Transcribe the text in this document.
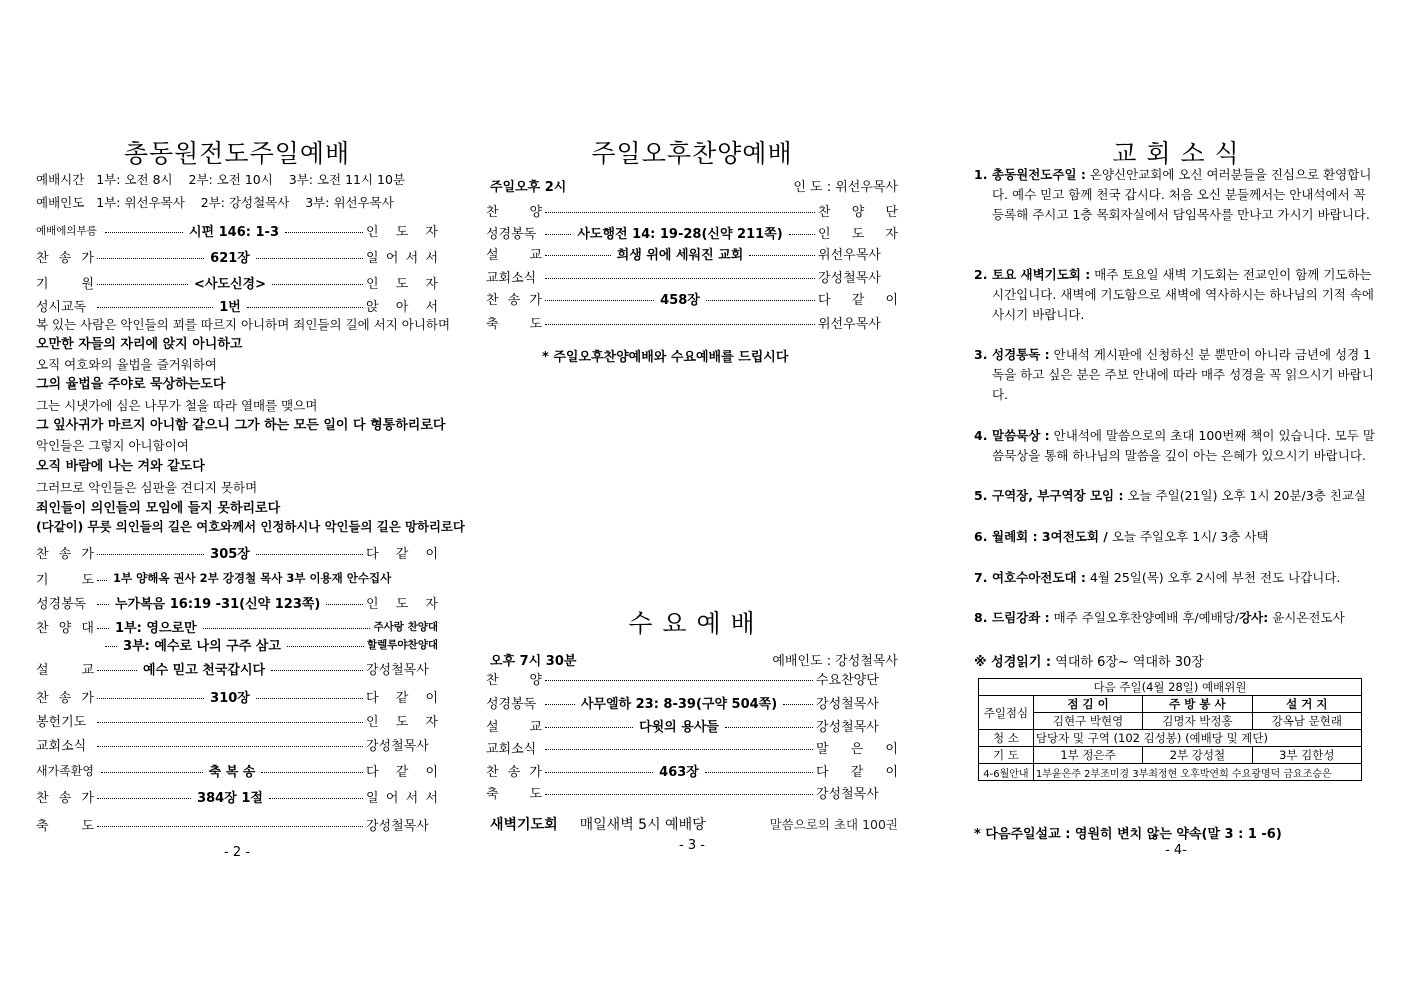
총동원전도주일예배
예배시간 1부: 오전 8시 2부: 오전 10시 3부: 오전 11시 10분
예배인도 1부: 위선우목사 2부: 강성철목사 3부: 위선우목사
예배에의부름	시편 146: 1-3	인 도 자
찬 송 가	621장	일 어 서 서
기 원	<사도신경>	인 도 자
성시교독	1번	앉 아 서
복 있는 사람은 악인들의 꾀를 따르지 아니하며 죄인들의 길에 서지 아니하며
오만한 자들의 자리에 앉지 아니하고
오직 여호와의 율법을 즐거워하여
그의 율법을 주야로 묵상하는도다
그는 시냇가에 심은 나무가 철을 따라 열매를 맺으며
그 잎사귀가 마르지 아니함 같으니 그가 하는 모든 일이 다 형통하리로다
악인들은 그렇지 아니함이여
오직 바람에 나는 겨와 같도다
그러므로 악인들은 심판을 견디지 못하며
죄인들이 의인들의 모임에 들지 못하리로다
(다같이) 무릇 의인들의 길은 여호와께서 인정하시나 악인들의 길은 망하리로다
찬 송 가	305장	다 같 이
기 도 1부 양해옥 권사 2부 강경철 목사 3부 이용재 안수집사
성경봉독	누가복음 16:19 -31(신약 123쪽)	인 도 자
찬 양 대 1부: 영으로만	주사랑 찬양대
3부: 예수로 나의 구주 삼고	할렐루야찬양대
설 교	예수 믿고 천국갑시다	강성철목사
찬 송 가	310장	다 같 이
봉헌기도	인 도 자
교회소식	강성철목사
새가족환영	축 복 송	다 같 이
찬 송 가	384장 1절	일 어 서 서
축 도	강성철목사
- 2 -
주일오후찬양예배
주일오후 2시	인 도 : 위선우목사
찬 양	찬 양 단
성경봉독	사도행전 14: 19-28(신약 211쪽)	인 도 자
설 교	희생 위에 세워진 교회	위선우목사
교회소식	강성철목사
찬 송 가	458장	다 같 이
축 도	위선우목사
* 주일오후찬양예배와 수요예배를 드립시다
수 요 예 배
오후 7시 30분	예배인도 : 강성철목사
찬 양	수요찬양단
성경봉독	사무엘하 23: 8-39(구약 504쪽)	강성철목사
설 교	다윗의 용사들	강성철목사
교회소식	말 은 이
찬 송 가	463장	다 같 이
축 도	강성철목사
새벽기도회	매일새벽 5시 예배당	말씀으로의 초대 100권
- 3 -
교 회 소 식
1. 총동원전도주일 : 온양신안교회에 오신 여러분들을 진심으로 환영합니다. 예수 믿고 함께 천국 갑시다. 처음 오신 분들께서는 안내석에서 꼭 등록해 주시고 1층 목회자실에서 담임목사를 만나고 가시기 바랍니다.
2. 토요 새벽기도회 : 매주 토요일 새벽 기도회는 전교인이 함께 기도하는 시간입니다. 새벽에 기도함으로 새벽에 역사하시는 하나님의 기적 속에 사시기 바랍니다.
3. 성경통독 : 안내석 게시판에 신청하신 분 뿐만이 아니라 금년에 성경 1독을 하고 싶은 분은 주보 안내에 따라 매주 성경을 꼭 읽으시기 바랍니다.
4. 말씀묵상 : 안내석에 말씀으로의 초대 100번째 책이 있습니다. 모두 말씀묵상을 통해 하나님의 말씀을 깊이 아는 은혜가 있으시기 바랍니다.
5. 구역장, 부구역장 모임 : 오늘 주일(21일) 오후 1시 20분/3층 친교실
6. 월례회 : 3여전도회 / 오늘 주일오후 1시/ 3층 사택
7. 여호수아전도대 : 4월 25일(목) 오후 2시에 부천 전도 나갑니다.
8. 드림강좌 : 매주 주일오후찬양예배 후/예배당/강사: 윤시온전도사
※ 성경읽기 : 역대하 6장~ 역대하 30장
다음 주일(4월 28일) 예배위원			
주일점심	점 김 이	주 방 봉 사	설 거 지
	김현구 박현영	김명자 박정홍	강옥남 문현래
청 소	담당자 및 구역 (102 김성봉) (예배당 및 계단)		
기 도	1부 정은주	2부 강성철	3부 김한성
4-6월안내	1부윤은주 2부조미경 3부최정현 오후박연희 수요광명덕 금요조승은		
* 다음주일설교 : 영원히 변치 않는 약속(말 3 : 1 -6)
- 4-
